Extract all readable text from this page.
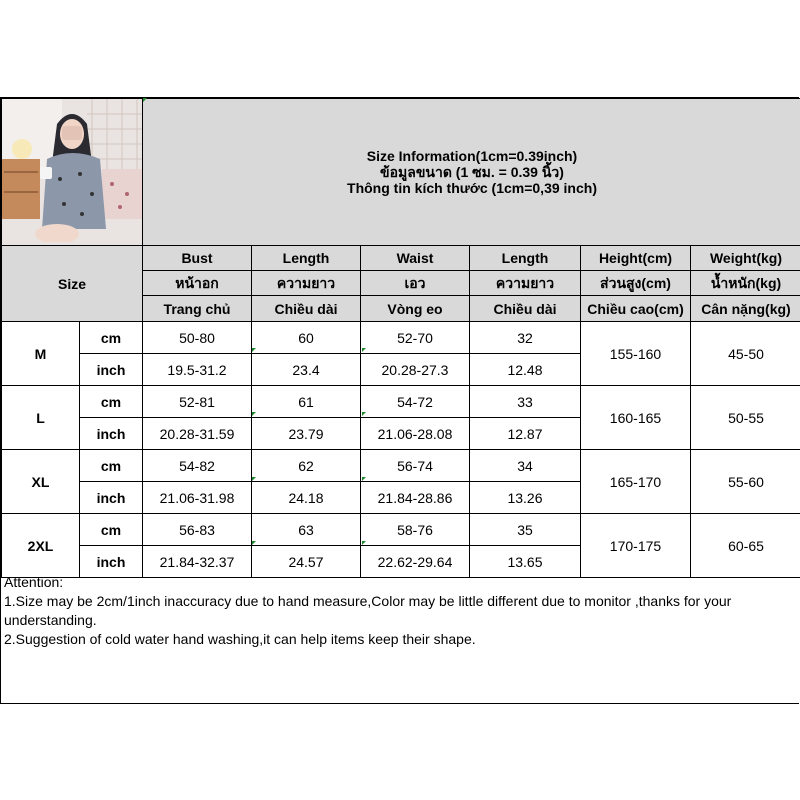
Size Information(1cm=0.39inch)
ข้อมูลขนาด (1 ซม. = 0.39 นิ้ว)
Thông tin kích thước (1cm=0,39 inch)					

Size		Bust	Length	Waist	Length	Height(cm)	Weight(kg)
		หน้าอก	ความยาว	เอว	ความยาว	ส่วนสูง(cm)	น้ำหนัก(kg)
		Trang chủ	Chiều dài	Vòng eo	Chiều dài	Chiều cao(cm)	Cân nặng(kg)
M	cm	50-80	60	52-70	32	155-160	45-50
	inch	19.5-31.2	23.4	20.28-27.3	12.48		
L	cm	52-81	61	54-72	33	160-165	50-55
	inch	20.28-31.59	23.79	21.06-28.08	12.87		
XL	cm	54-82	62	56-74	34	165-170	55-60
	inch	21.06-31.98	24.18	21.84-28.86	13.26		
2XL	cm	56-83	63	58-76	35	170-175	60-65
	inch	21.84-32.37	24.57	22.62-29.64	13.65		
Attention:
1.Size may be 2cm/1inch inaccuracy due to hand measure,Color may be little different due to monitor ,thanks for your understanding.
2.Suggestion of cold water hand washing,it can help items keep their shape.
